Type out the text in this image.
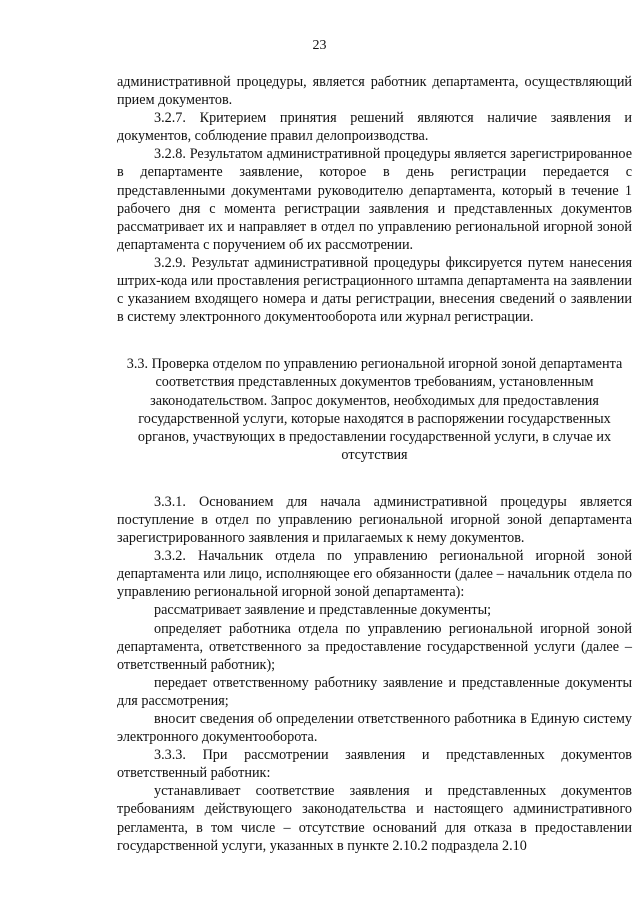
23

административной процедуры, является работник департамента, осуществляющий прием документов.

3.2.7. Критерием принятия решений являются наличие заявления и документов, соблюдение правил делопроизводства.

3.2.8. Результатом административной процедуры является зарегистрированное в департаменте заявление, которое в день регистрации передается с представленными документами руководителю департамента, который в течение 1 рабочего дня с момента регистрации заявления и представленных документов рассматривает их и направляет в отдел по управлению региональной игорной зоной департамента с поручением об их рассмотрении.

3.2.9. Результат административной процедуры фиксируется путем нанесения штрих-кода или проставления регистрационного штампа департамента на заявлении с указанием входящего номера и даты регистрации, внесения сведений о заявлении в систему электронного документооборота или журнал регистрации.

3.3. Проверка отделом по управлению региональной игорной зоной департамента соответствия представленных документов требованиям, установленным законодательством. Запрос документов, необходимых для предоставления государственной услуги, которые находятся в распоряжении государственных органов, участвующих в предоставлении государственной услуги, в случае их отсутствия

3.3.1. Основанием для начала административной процедуры является поступление в отдел по управлению региональной игорной зоной департамента зарегистрированного заявления и прилагаемых к нему документов.

3.3.2. Начальник отдела по управлению региональной игорной зоной департамента или лицо, исполняющее его обязанности (далее – начальник отдела по управлению региональной игорной зоной департамента):

рассматривает заявление и представленные документы;

определяет работника отдела по управлению региональной игорной зоной департамента, ответственного за предоставление государственной услуги (далее – ответственный работник);

передает ответственному работнику заявление и представленные документы для рассмотрения;

вносит сведения об определении ответственного работника в Единую систему электронного документооборота.

3.3.3. При рассмотрении заявления и представленных документов ответственный работник:

устанавливает соответствие заявления и представленных документов требованиям действующего законодательства и настоящего административного регламента, в том числе – отсутствие оснований для отказа в предоставлении государственной услуги, указанных в пункте 2.10.2 подраздела 2.10
